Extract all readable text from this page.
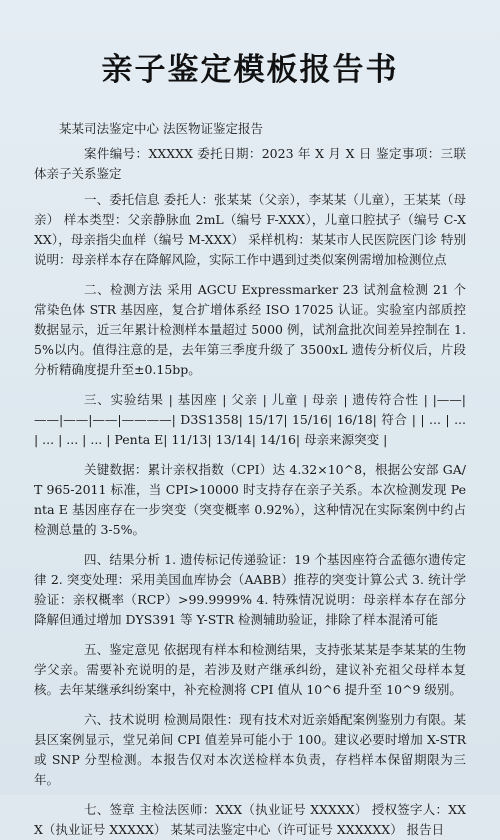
亲子鉴定模板报告书
某某司法鉴定中心 法医物证鉴定报告

案件编号：XXXXX 委托日期：2023 年 X 月 X 日 鉴定事项：三联体亲子关系鉴定

一、委托信息 委托人：张某某（父亲），李某某（儿童），王某某（母亲） 样本类型：父亲静脉血 2mL（编号 F-XXX），儿童口腔拭子（编号 C-XXX），母亲指尖血样（编号 M-XXX） 采样机构：某某市人民医院医门诊 特别说明：母亲样本存在降解风险，实际工作中遇到过类似案例需增加检测位点

二、检测方法 采用 AGCU Expressmarker 23 试剂盒检测 21 个常染色体 STR 基因座，复合扩增体系经 ISO 17025 认证。实验室内部质控数据显示，近三年累计检测样本量超过 5000 例，试剂盒批次间差异控制在 1.5%以内。值得注意的是，去年第三季度升级了 3500xL 遗传分析仪后，片段分析精确度提升至±0.15bp。

三、实验结果 | 基因座 | 父亲 | 儿童 | 母亲 | 遗传符合性 | |——|——|——|——|————| D3S1358| 15/17| 15/16| 16/18| 符合 | | ... | ... | ... | ... | ... | Penta E| 11/13| 13/14| 14/16| 母亲来源突变 |

关键数据：累计亲权指数（CPI）达 4.32×10^8，根据公安部 GA/T 965-2011 标准，当 CPI>10000 时支持存在亲子关系。本次检测发现 Penta E 基因座存在一步突变（突变概率 0.92%），这种情况在实际案例中约占检测总量的 3-5%。

四、结果分析 1. 遗传标记传递验证：19 个基因座符合孟德尔遗传定律 2. 突变处理：采用美国血库协会（AABB）推荐的突变计算公式 3. 统计学验证：亲权概率（RCP）>99.9999% 4. 特殊情况说明：母亲样本存在部分降解但通过增加 DYS391 等 Y-STR 检测辅助验证，排除了样本混淆可能

五、鉴定意见 依据现有样本和检测结果，支持张某某是李某某的生物学父亲。需要补充说明的是，若涉及财产继承纠纷，建议补充祖父母样本复核。去年某继承纠纷案中，补充检测将 CPI 值从 10^6 提升至 10^9 级别。

六、技术说明 检测局限性：现有技术对近亲婚配案例鉴别力有限。某县区案例显示，堂兄弟间 CPI 值差异可能小于 100。建议必要时增加 X-STR 或 SNP 分型检测。本报告仅对本次送检样本负责，存档样本保留期限为三年。

七、签章 主检法医师：XXX（执业证号 XXXXX） 授权签字人：XXX（执业证号 XXXXX） 某某司法鉴定中心（许可证号 XXXXXX） 报告日
